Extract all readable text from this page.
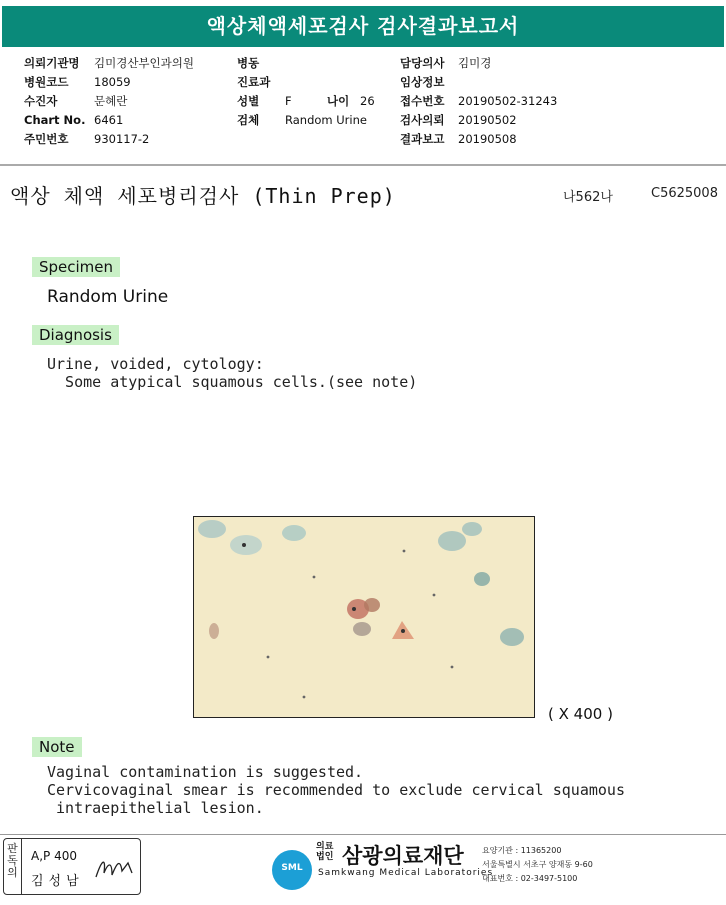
액상체액세포검사 검사결과보고서
의뢰기관명 김미경산부인과의원
병원코드 18059
수진자	문혜란
Chart No. 6461
주민번호 930117-2
병동
진료과
성별 F	나이 26
검체 Random Urine
담당의사 김미경
임상정보
접수번호 20190502-31243
검사의뢰 20190502
결과보고 20190508
액상 체액 세포병리검사 (Thin Prep)	나562나	C5625008
Specimen
Random Urine
Diagnosis
Urine, voided, cytology:
Some atypical squamous cells.(see note)
( X 400 )
Note
Vaginal contamination is suggested.
Cervicovaginal smear is recommended to exclude cervical squamous
intraepithelial lesion.
판독의
A,P 400
김성남
SML
의료
법인 삼광의료재단
Samkwang Medical Laboratories
요양기관 : 11365200
서울특별시 서초구 양재동 9-60
대표번호 : 02-3497-5100
